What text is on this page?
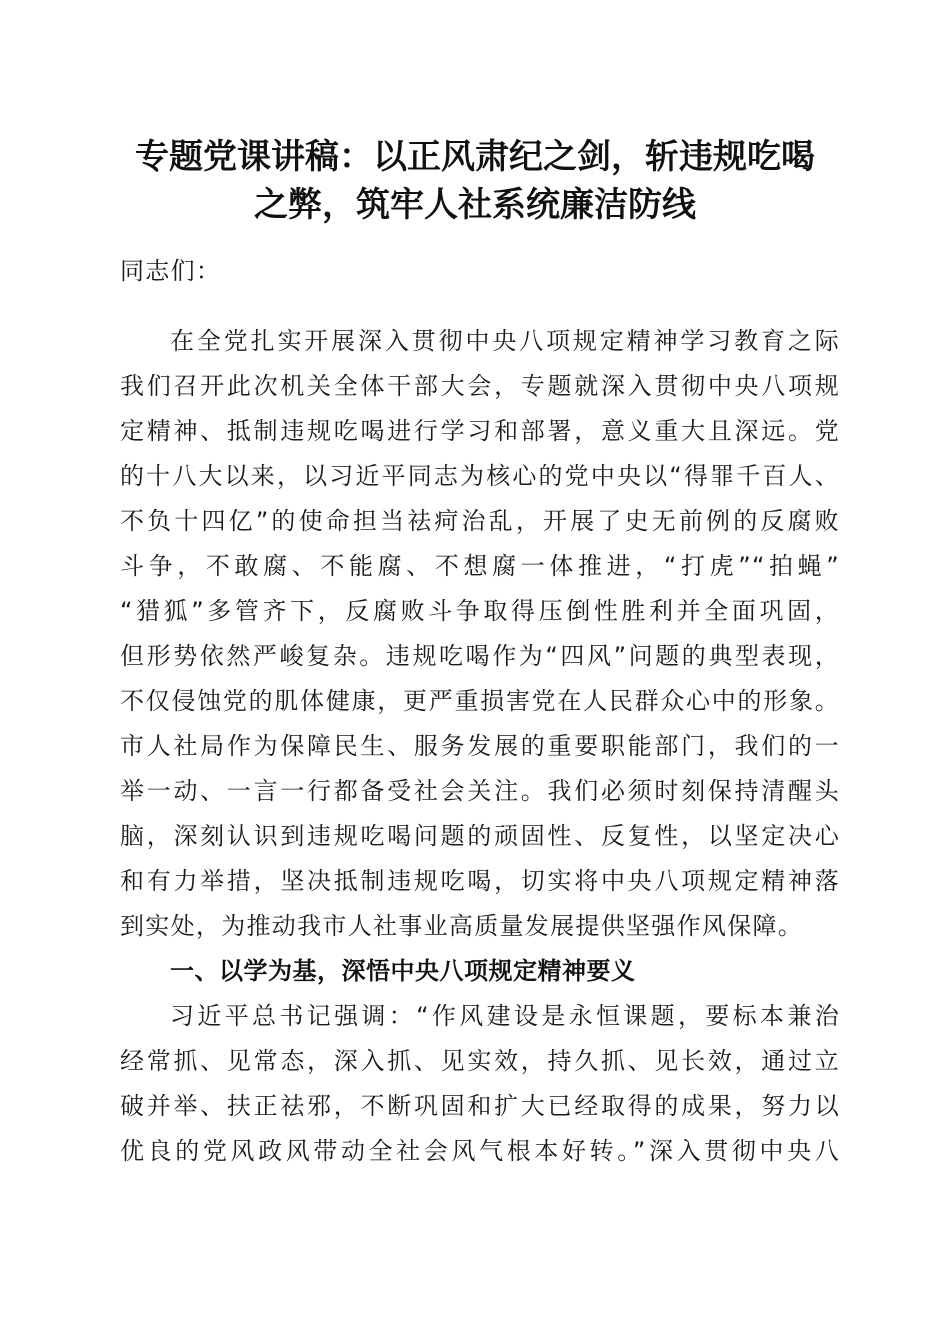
专题党课讲稿：以正风肃纪之剑，斩违规吃喝
之弊，筑牢人社系统廉洁防线
同志们：
在全党扎实开展深入贯彻中央八项规定精神学习教育之际
我们召开此次机关全体干部大会，专题就深入贯彻中央八项规
定精神、抵制违规吃喝进行学习和部署，意义重大且深远。党
的十八大以来，以习近平同志为核心的党中央以“得罪千百人、
不负十四亿”的使命担当祛疴治乱，开展了史无前例的反腐败
斗争，不敢腐、不能腐、不想腐一体推进，“打虎”“拍蝇”
“猎狐”多管齐下，反腐败斗争取得压倒性胜利并全面巩固，
但形势依然严峻复杂。违规吃喝作为“四风”问题的典型表现，
不仅侵蚀党的肌体健康，更严重损害党在人民群众心中的形象。
市人社局作为保障民生、服务发展的重要职能部门，我们的一
举一动、一言一行都备受社会关注。我们必须时刻保持清醒头
脑，深刻认识到违规吃喝问题的顽固性、反复性，以坚定决心
和有力举措，坚决抵制违规吃喝，切实将中央八项规定精神落
到实处，为推动我市人社事业高质量发展提供坚强作风保障。
一、以学为基，深悟中央八项规定精神要义
习近平总书记强调：“作风建设是永恒课题，要标本兼治
经常抓、见常态，深入抓、见实效，持久抓、见长效，通过立
破并举、扶正祛邪，不断巩固和扩大已经取得的成果，努力以
优良的党风政风带动全社会风气根本好转。”深入贯彻中央八
